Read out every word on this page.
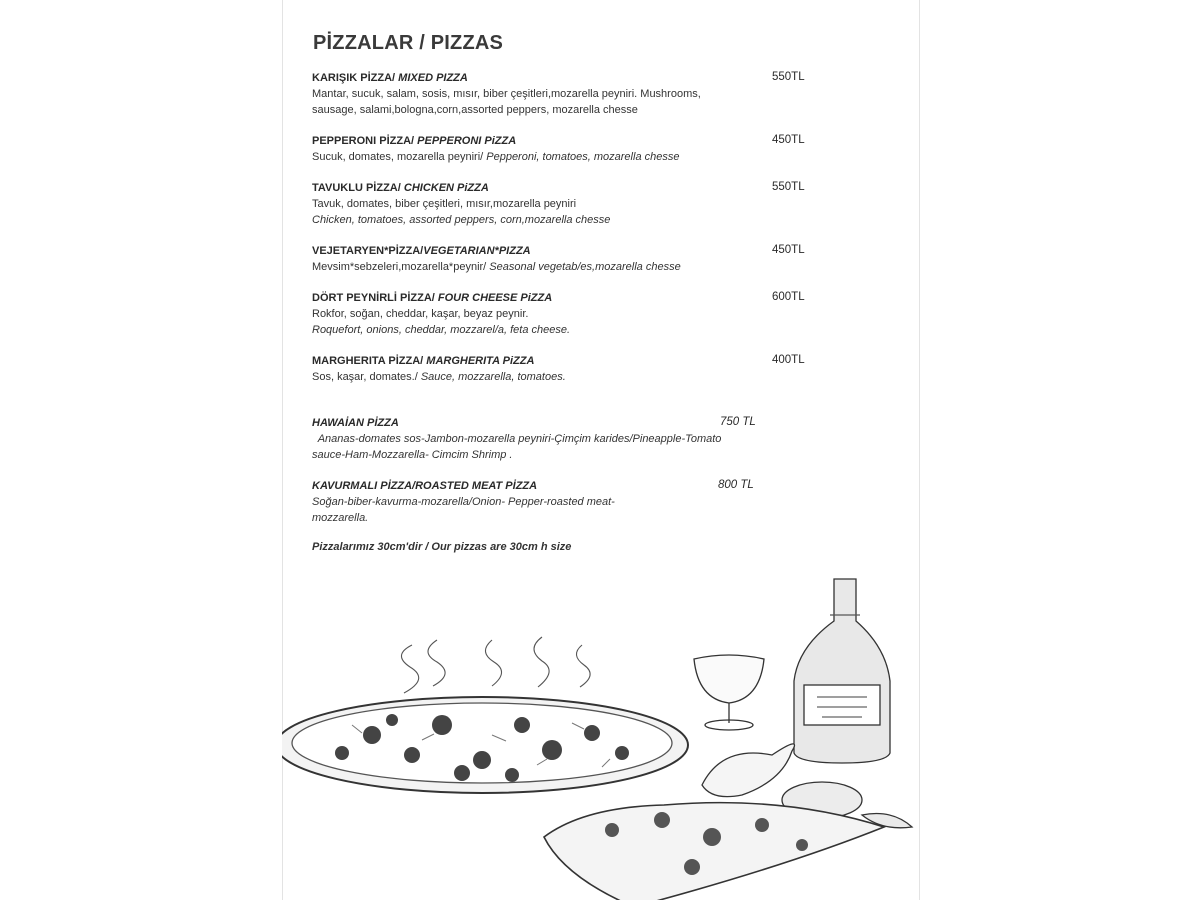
PİZZALAR / PIZZAS
KARIŞIK PİZZA/ MIXED PIZZA
Mantar, sucuk, salam, sosis, mısır, biber çeşitleri,mozarella peyniri. Mushrooms,
sausage, salami,bologna,corn,assorted peppers, mozarella chesse
550TL
PEPPERONI PİZZA/ PEPPERONI PiZZA
Sucuk, domates, mozarella peyniri/ Pepperoni, tomatoes, mozarella chesse
450TL
TAVUKLU PİZZA/ CHICKEN PiZZA
Tavuk, domates, biber çeşitleri, mısır,mozarella peyniri
Chicken, tomatoes, assorted peppers, corn,mozarella chesse
550TL
VEJETARYEN*PİZZA/VEGETARIAN*PIZZA
Mevsim*sebzeleri,mozarella*peynir/ Seasonal vegetab/es,mozarella chesse
450TL
DÖRT PEYNİRLİ PİZZA/ FOUR CHEESE PiZZA
Rokfor, soğan, cheddar, kaşar, beyaz peynir.
Roquefort, onions, cheddar, mozzarel/a, feta cheese.
600TL
MARGHERITA PİZZA/ MARGHERITA PiZZA
Sos, kaşar, domates./ Sauce, mozzarella, tomatoes.
400TL
HAWAİAN PİZZA
Ananas-domates sos-Jambon-mozarella peyniri-Çimçim karides/Pineapple-Tomato
sauce-Ham-Mozzarella- Cimcim Shrimp .
750 TL
KAVURMALI PİZZA/ROASTED MEAT PİZZA
Soğan-biber-kavurma-mozarella/Onion- Pepper-roasted meat-
mozzarella.
800 TL
Pizzalarımız 30cm'dir / Our pizzas are 30cm h size
